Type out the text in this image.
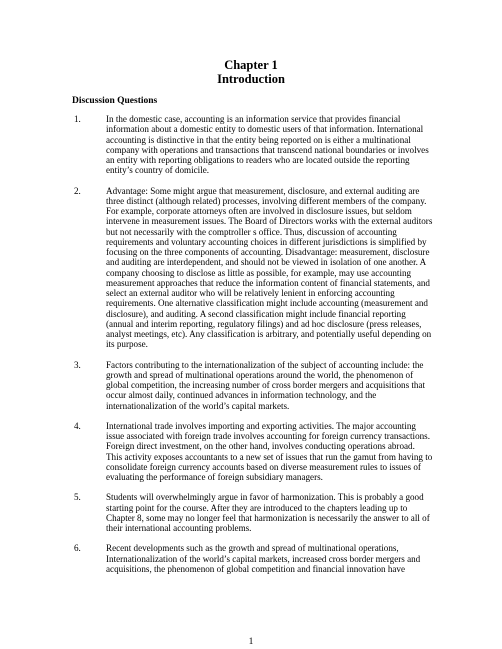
Chapter 1
Introduction
Discussion Questions
1.	In the domestic case, accounting is an information service that provides financial information about a domestic entity to domestic users of that information. International accounting is distinctive in that the entity being reported on is either a multinational company with operations and transactions that transcend national boundaries or involves an entity with reporting obligations to readers who are located outside the reporting entity’s country of domicile.
2.	Advantage: Some might argue that measurement, disclosure, and external auditing are three distinct (although related) processes, involving different members of the company. For example, corporate attorneys often are involved in disclosure issues, but seldom intervene in measurement issues. The Board of Directors works with the external auditors but not necessarily with the comptroller s office. Thus, discussion of accounting requirements and voluntary accounting choices in different jurisdictions is simplified by focusing on the three components of accounting. Disadvantage: measurement, disclosure and auditing are interdependent, and should not be viewed in isolation of one another. A company choosing to disclose as little as possible, for example, may use accounting measurement approaches that reduce the information content of financial statements, and select an external auditor who will be relatively lenient in enforcing accounting requirements. One alternative classification might include accounting (measurement and disclosure), and auditing. A second classification might include financial reporting (annual and interim reporting, regulatory filings) and ad hoc disclosure (press releases, analyst meetings, etc). Any classification is arbitrary, and potentially useful depending on its purpose.
3.	Factors contributing to the internationalization of the subject of accounting include: the growth and spread of multinational operations around the world, the phenomenon of global competition, the increasing number of cross border mergers and acquisitions that occur almost daily, continued advances in information technology, and the internationalization of the world’s capital markets.
4.	International trade involves importing and exporting activities. The major accounting issue associated with foreign trade involves accounting for foreign currency transactions. Foreign direct investment, on the other hand, involves conducting operations abroad. This activity exposes accountants to a new set of issues that run the gamut from having to consolidate foreign currency accounts based on diverse measurement rules to issues of evaluating the performance of foreign subsidiary managers.
5.	Students will overwhelmingly argue in favor of harmonization. This is probably a good starting point for the course. After they are introduced to the chapters leading up to Chapter 8, some may no longer feel that harmonization is necessarily the answer to all of their international accounting problems.
6.	Recent developments such as the growth and spread of multinational operations, Internationalization of the world’s capital markets, increased cross border mergers and acquisitions, the phenomenon of global competition and financial innovation have
1
